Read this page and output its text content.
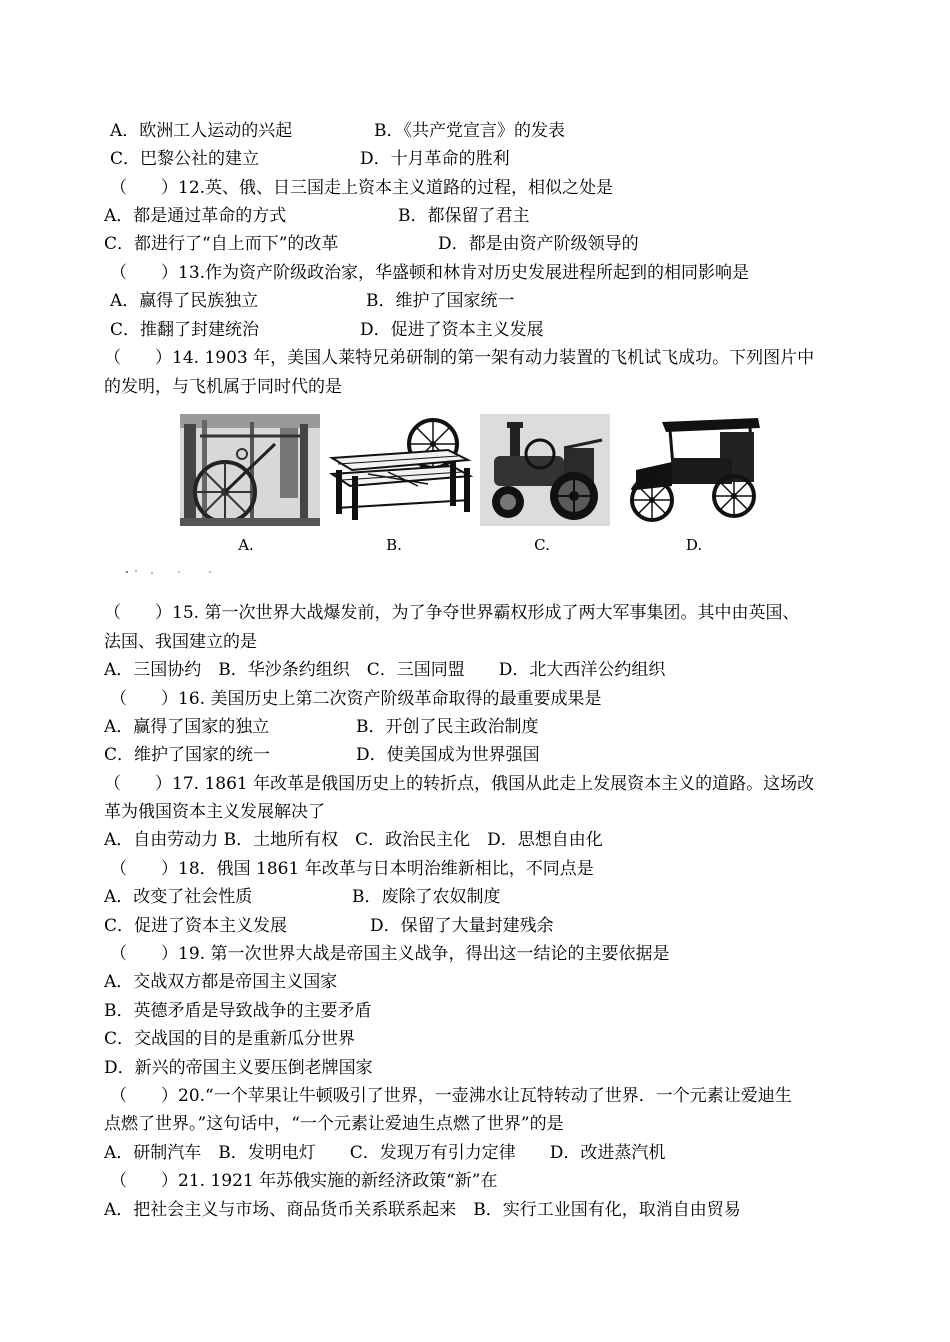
A．欧洲工人运动的兴起	B．《共产党宣言》的发表
C．巴黎公社的建立	D．十月革命的胜利
（　　）12.英、俄、日三国走上资本主义道路的过程，相似之处是
A．都是通过革命的方式	B．都保留了君主
C．都进行了“自上而下”的改革	D．都是由资产阶级领导的
（　　）13.作为资产阶级政治家，华盛顿和林肯对历史发展进程所起到的相同影响是
A．赢得了民族独立	B．维护了国家统一
C．推翻了封建统治	D．促进了资本主义发展
（　　）14. 1903 年，美国人莱特兄弟研制的第一架有动力装置的飞机试飞成功。下列图片中
的发明，与飞机属于同时代的是
A.	B.	C.	D.
（　　）15. 第一次世界大战爆发前，为了争夺世界霸权形成了两大军事集团。其中由英国、
法国、我国建立的是
A．三国协约　B．华沙条约组织　C．三国同盟　　D．北大西洋公约组织
（　　）16. 美国历史上第二次资产阶级革命取得的最重要成果是
A．赢得了国家的独立	B．开创了民主政治制度
C．维护了国家的统一	D．使美国成为世界强国
（　　）17. 1861 年改革是俄国历史上的转折点，俄国从此走上发展资本主义的道路。这场改
革为俄国资本主义发展解决了
A．自由劳动力 B．土地所有权　C．政治民主化　D．思想自由化
（　　）18．俄国 1861 年改革与日本明治维新相比，不同点是
A．改变了社会性质	B．废除了农奴制度
C．促进了资本主义发展	D．保留了大量封建残余
（　　）19. 第一次世界大战是帝国主义战争，得出这一结论的主要依据是
A．交战双方都是帝国主义国家
B．英德矛盾是导致战争的主要矛盾
C．交战国的目的是重新瓜分世界
D．新兴的帝国主义要压倒老牌国家
（　　）20.“一个苹果让牛顿吸引了世界，一壶沸水让瓦特转动了世界．一个元素让爱迪生
点燃了世界。”这句话中，“一个元素让爱迪生点燃了世界”的是
A．研制汽车　B．发明电灯　　C．发现万有引力定律　　D．改进蒸汽机
（　　）21. 1921 年苏俄实施的新经济政策“新”在
A．把社会主义与市场、商品货币关系联系起来　B．实行工业国有化，取消自由贸易
